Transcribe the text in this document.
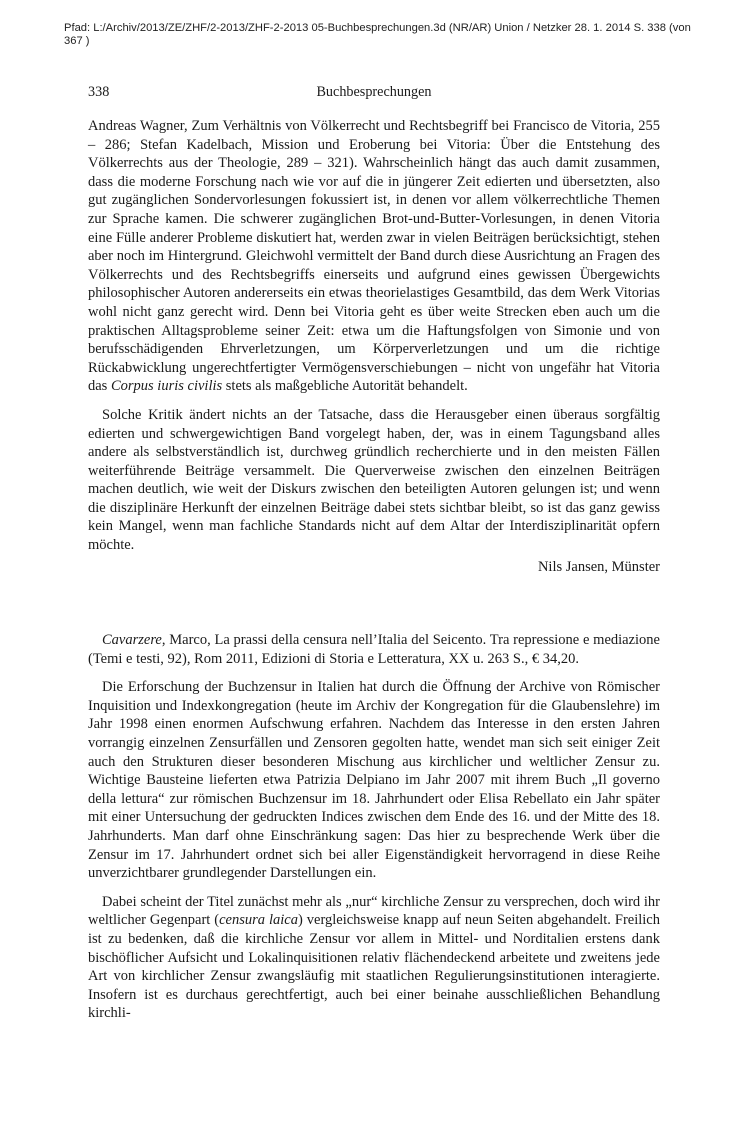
Pfad: L:/Archiv/2013/ZE/ZHF/2-2013/ZHF-2-2013 05-Buchbesprechungen.3d (NR/AR) Union / Netzker 28. 1. 2014 S. 338 (von
367 )
338	Buchbesprechungen

Andreas Wagner, Zum Verhältnis von Völkerrecht und Rechtsbegriff bei Francisco de Vitoria, 255 – 286; Stefan Kadelbach, Mission und Eroberung bei Vitoria: Über die Entstehung des Völkerrechts aus der Theologie, 289 – 321). Wahrscheinlich hängt das auch damit zusammen, dass die moderne Forschung nach wie vor auf die in jüngerer Zeit edierten und übersetzten, also gut zugänglichen Sondervorlesungen fokussiert ist, in denen vor allem völkerrechtliche Themen zur Sprache kamen. Die schwerer zugänglichen Brot-und-Butter-Vorlesungen, in denen Vitoria eine Fülle anderer Probleme diskutiert hat, werden zwar in vielen Beiträgen berücksichtigt, stehen aber noch im Hintergrund. Gleichwohl vermittelt der Band durch diese Ausrichtung an Fragen des Völkerrechts und des Rechtsbegriffs einerseits und aufgrund eines gewissen Übergewichts philosophischer Autoren andererseits ein etwas theorielastiges Gesamtbild, das dem Werk Vitorias wohl nicht ganz gerecht wird. Denn bei Vitoria geht es über weite Strecken eben auch um die praktischen Alltagsprobleme seiner Zeit: etwa um die Haftungsfolgen von Simonie und von berufsschädigenden Ehrverletzungen, um Körperverletzungen und um die richtige Rückabwicklung ungerechtfertigter Vermögensverschiebungen – nicht von ungefähr hat Vitoria das Corpus iuris civilis stets als maßgebliche Autorität behandelt.

Solche Kritik ändert nichts an der Tatsache, dass die Herausgeber einen überaus sorgfältig edierten und schwergewichtigen Band vorgelegt haben, der, was in einem Tagungsband alles andere als selbstverständlich ist, durchweg gründlich recherchierte und in den meisten Fällen weiterführende Beiträge versammelt. Die Querverweise zwischen den einzelnen Beiträgen machen deutlich, wie weit der Diskurs zwischen den beteiligten Autoren gelungen ist; und wenn die disziplinäre Herkunft der einzelnen Beiträge dabei stets sichtbar bleibt, so ist das ganz gewiss kein Mangel, wenn man fachliche Standards nicht auf dem Altar der Interdisziplinarität opfern möchte.

Nils Jansen, Münster

Cavarzere, Marco, La prassi della censura nell’Italia del Seicento. Tra repressione e mediazione (Temi e testi, 92), Rom 2011, Edizioni di Storia e Letteratura, XX u. 263 S., € 34,20.

Die Erforschung der Buchzensur in Italien hat durch die Öffnung der Archive von Römischer Inquisition und Indexkongregation (heute im Archiv der Kongregation für die Glaubenslehre) im Jahr 1998 einen enormen Aufschwung erfahren. Nachdem das Interesse in den ersten Jahren vorrangig einzelnen Zensurfällen und Zensoren gegolten hatte, wendet man sich seit einiger Zeit auch den Strukturen dieser besonderen Mischung aus kirchlicher und weltlicher Zensur zu. Wichtige Bausteine lieferten etwa Patrizia Delpiano im Jahr 2007 mit ihrem Buch „Il governo della lettura“ zur römischen Buchzensur im 18. Jahrhundert oder Elisa Rebellato ein Jahr später mit einer Untersuchung der gedruckten Indices zwischen dem Ende des 16. und der Mitte des 18. Jahrhunderts. Man darf ohne Einschränkung sagen: Das hier zu besprechende Werk über die Zensur im 17. Jahrhundert ordnet sich bei aller Eigenständigkeit hervorragend in diese Reihe unverzichtbarer grundlegender Darstellungen ein.

Dabei scheint der Titel zunächst mehr als „nur“ kirchliche Zensur zu versprechen, doch wird ihr weltlicher Gegenpart (censura laica) vergleichsweise knapp auf neun Seiten abgehandelt. Freilich ist zu bedenken, daß die kirchliche Zensur vor allem in Mittel- und Norditalien erstens dank bischöflicher Aufsicht und Lokalinquisitionen relativ flächendeckend arbeitete und zweitens jede Art von kirchlicher Zensur zwangsläufig mit staatlichen Regulierungsinstitutionen interagierte. Insofern ist es durchaus gerechtfertigt, auch bei einer beinahe ausschließlichen Behandlung kirchli-
